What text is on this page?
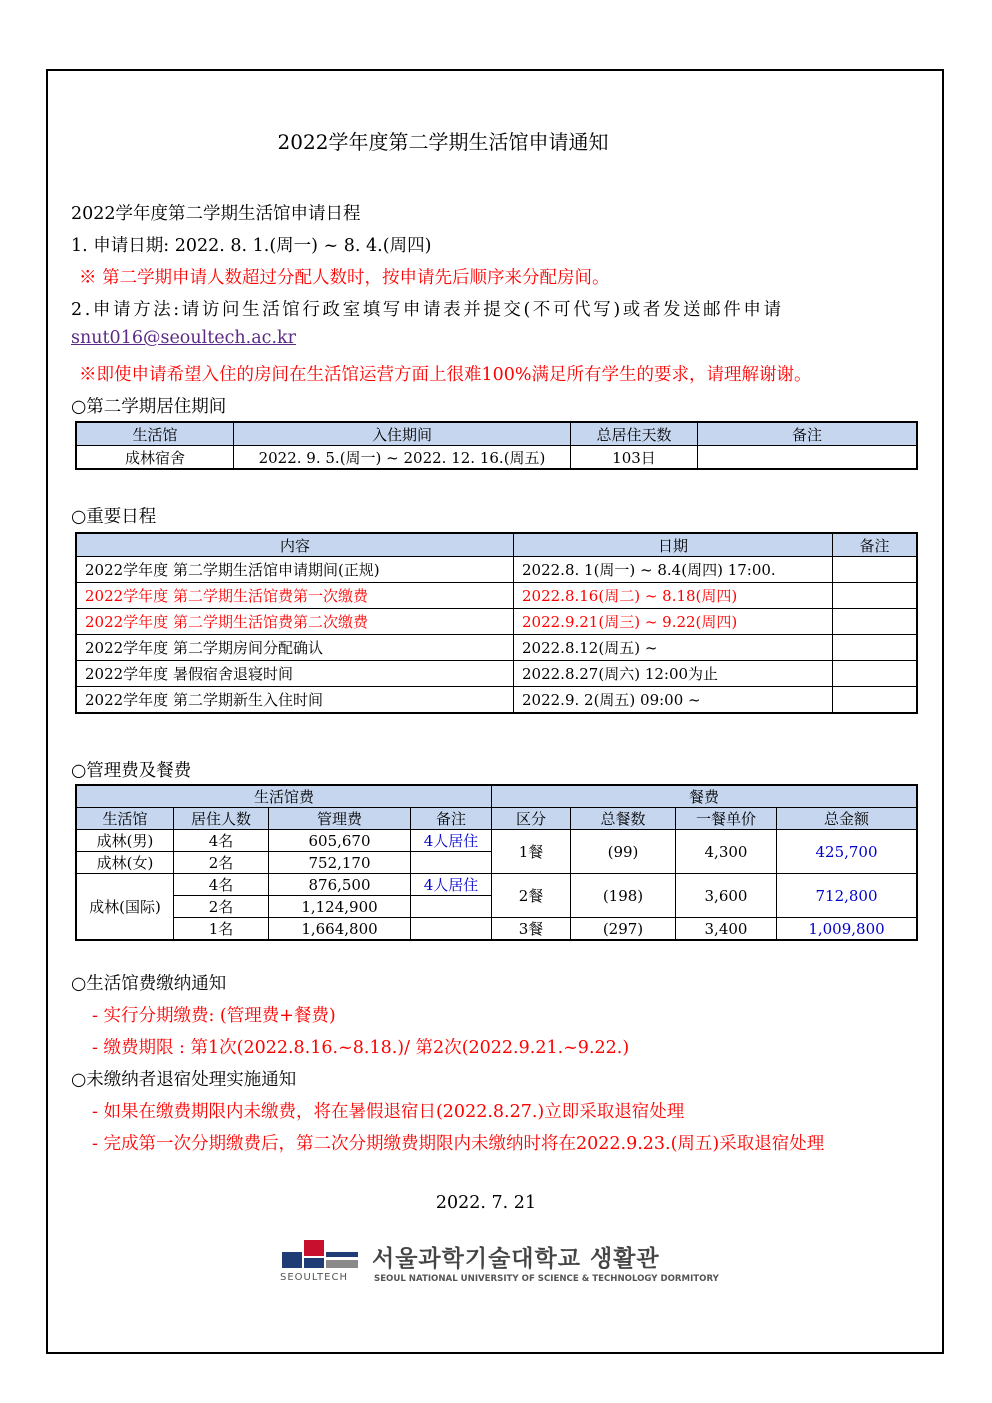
2022学年度第二学期生活馆申请通知
2022学年度第二学期生活馆申请日程
1. 申请日期: 2022. 8. 1.(周一) ~ 8. 4.(周四)
※ 第二学期申请人数超过分配人数时，按申请先后顺序来分配房间。
2.申请方法:请访问生活馆行政室填写申请表并提交(不可代写)或者发送邮件申请
snut016@seoultech.ac.kr
※即使申请希望入住的房间在生活馆运营方面上很难100%满足所有学生的要求，请理解谢谢。
○第二学期居住期间
生活馆	入住期间	总居住天数	备注
成林宿舍	2022. 9. 5.(周一) ~ 2022. 12. 16.(周五)	103日	
○重要日程
内容	日期	备注
2022学年度 第二学期生活馆申请期间(正规)	2022.8. 1(周一) ~ 8.4(周四) 17:00.	
2022学年度 第二学期生活馆费第一次缴费	2022.8.16(周二) ~ 8.18(周四)	
2022学年度 第二学期生活馆费第二次缴费	2022.9.21(周三) ~ 9.22(周四)	
2022学年度 第二学期房间分配确认	2022.8.12(周五) ~	
2022学年度 暑假宿舍退寝时间	2022.8.27(周六) 12:00为止	
2022学年度 第二学期新生入住时间	2022.9. 2(周五) 09:00 ~	
○管理费及餐费
生活馆费				餐费			
生活馆	居住人数	管理费	备注	区分	总餐数	一餐单价	总金额
成林(男)	4名	605,670	4人居住	1餐	(99)	4,300	425,700
成林(女)	2名	752,170					
成林(国际)	4名	876,500	4人居住	2餐	(198)	3,600	712,800
	2名	1,124,900					
	1名	1,664,800		3餐	(297)	3,400	1,009,800
○生活馆费缴纳通知
- 实行分期缴费: (管理费+餐费)
- 缴费期限 : 第1次(2022.8.16.~8.18.)/ 第2次(2022.9.21.~9.22.)
○未缴纳者退宿处理实施通知
- 如果在缴费期限内未缴费，将在暑假退宿日(2022.8.27.)立即采取退宿处理
- 完成第一次分期缴费后，第二次分期缴费期限内未缴纳时将在2022.9.23.(周五)采取退宿处理
2022. 7. 21
SEOULTECH
서울과학기술대학교 생활관
SEOUL NATIONAL UNIVERSITY OF SCIENCE & TECHNOLOGY DORMITORY
